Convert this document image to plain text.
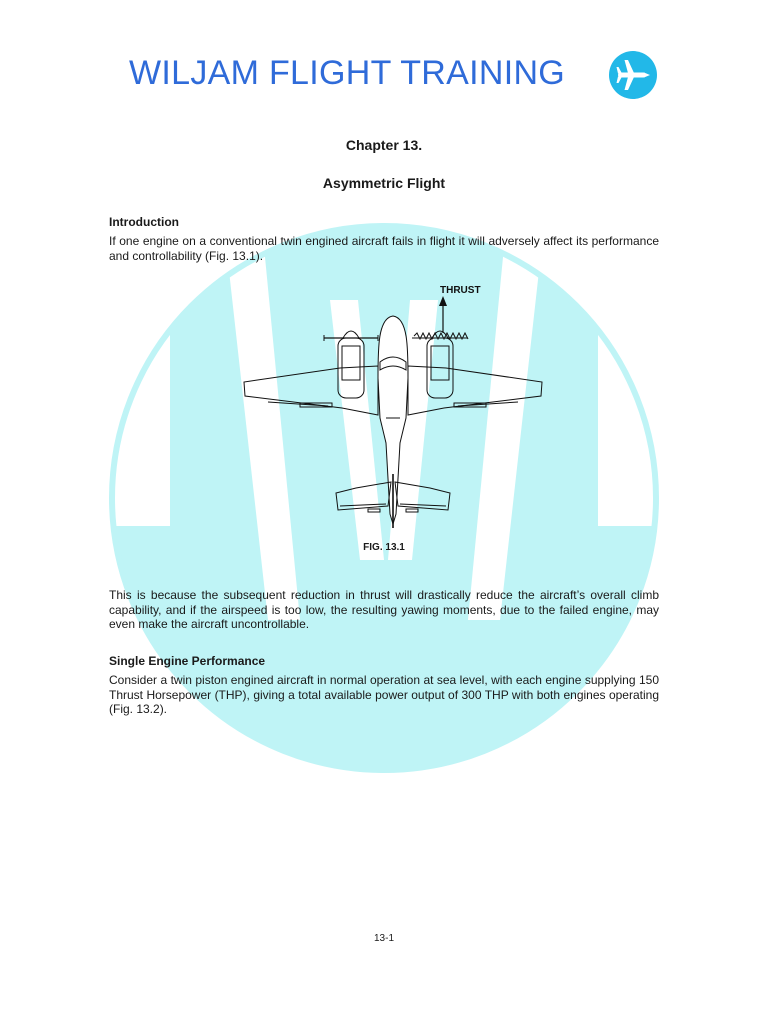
WILJAM FLIGHT TRAINING
Chapter 13.
Asymmetric Flight
Introduction

If one engine on a conventional twin engined aircraft fails in flight it will adversely affect its performance and controllability (Fig. 13.1).

THRUST
FIG. 13.1

This is because the subsequent reduction in thrust will drastically reduce the aircraft’s overall climb capability, and if the airspeed is too low, the resulting yawing moments, due to the failed engine, may even make the aircraft uncontrollable.

Single Engine Performance

Consider a twin piston engined aircraft in normal operation at sea level, with each engine supplying 150 Thrust Horsepower (THP), giving a total available power output of 300 THP with both engines operating (Fig. 13.2).

13-1
